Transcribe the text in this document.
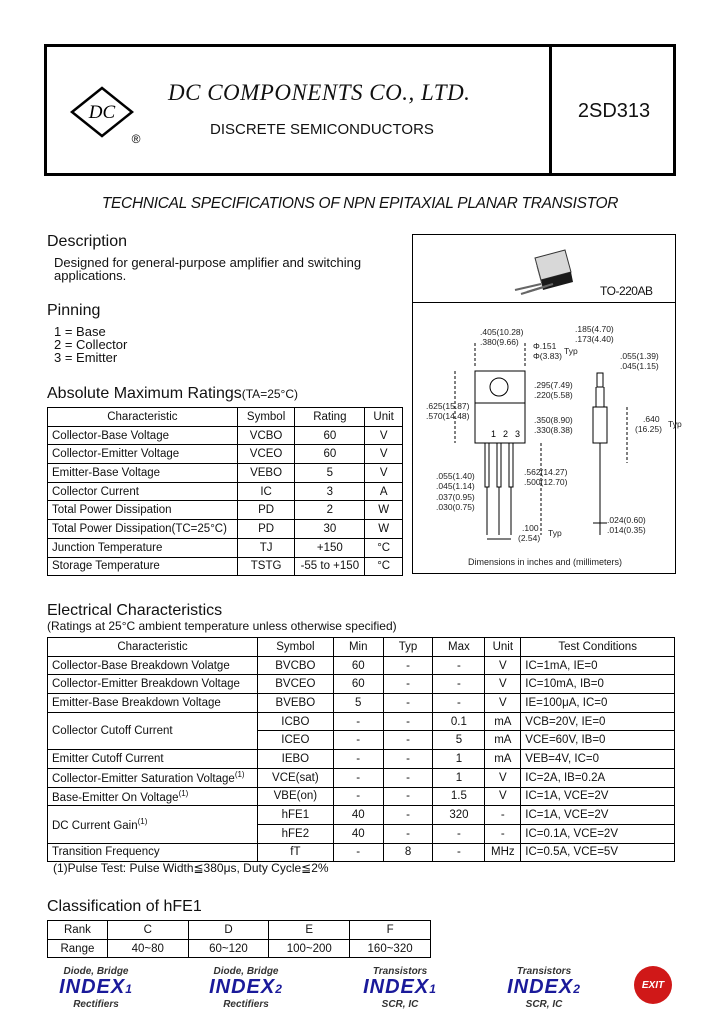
DC
®
DC COMPONENTS CO., LTD.
DISCRETE SEMICONDUCTORS
2SD313
TECHNICAL SPECIFICATIONS OF NPN EPITAXIAL PLANAR TRANSISTOR
Description
Designed for general-purpose amplifier and switching
applications.
Pinning
1 = Base
2 = Collector
3 = Emitter
Absolute Maximum Ratings(TA=25°C)
Characteristic	Symbol	Rating	Unit
Collector-Base Voltage	VCBO	60	V
Collector-Emitter Voltage	VCEO	60	V
Emitter-Base Voltage	VEBO	5	V
Collector Current	IC	3	A
Total Power Dissipation	PD	2	W
Total Power Dissipation(TC=25°C)	PD	30	W
Junction Temperature	TJ	+150	°C
Storage Temperature	TSTG	-55 to +150	°C
TO-220AB
1 2 3
.405(10.28)
.380(9.66) Φ.151
Φ(3.83) Typ
.185(4.70)
.173(4.40)
.055(1.39)
.045(1.15)
.295(7.49)
.220(5.58)
.625(15.87)
.570(14.48)	.350(8.90)
.330(8.38)
.640
(16.25) Typ
.055(1.40)
.045(1.14)
.037(0.95)
.030(0.75)
.562(14.27)
.500(12.70)
.100
(2.54) Typ
.024(0.60)
.014(0.35)
Dimensions in inches and (millimeters)
Electrical Characteristics
(Ratings at 25°C ambient temperature unless otherwise specified)
Characteristic	Symbol	Min	Typ	Max	Unit	Test Conditions
Collector-Base Breakdown Volatge	BVCBO	60	-	-	V	IC=1mA, IE=0
Collector-Emitter Breakdown Voltage	BVCEO	60	-	-	V	IC=10mA, IB=0
Emitter-Base Breakdown Voltage	BVEBO	5	-	-	V	IE=100μA, IC=0
Collector Cutoff Current	ICBO	-	-	0.1	mA	VCB=20V, IE=0
	ICEO	-	-	5	mA	VCE=60V, IB=0
Emitter Cutoff Current	IEBO	-	-	1	mA	VEB=4V, IC=0
Collector-Emitter Saturation Voltage$^{(1)}$	VCE(sat)	-	-	1	V	IC=2A, IB=0.2A
Base-Emitter On Voltage$^{(1)}$	VBE(on)	-	-	1.5	V	IC=1A, VCE=2V
DC Current Gain$^{(1)}$	hFE1	40	-	320	-	IC=1A, VCE=2V
	hFE2	40	-	-	-	IC=0.1A, VCE=2V
Transition Frequency	fT	-	8	-	MHz	IC=0.5A, VCE=5V
(1)Pulse Test: Pulse Width≦380μs, Duty Cycle≦2%
Classification of hFE1
Rank	C	D	E	F
Range	40~80	60~120	100~200	160~320
Diode, Bridge
INDEX1
Rectifiers
Diode, Bridge
INDEX2
Rectifiers
Transistors
INDEX1
SCR, IC
Transistors
INDEX2
SCR, IC
EXIT
